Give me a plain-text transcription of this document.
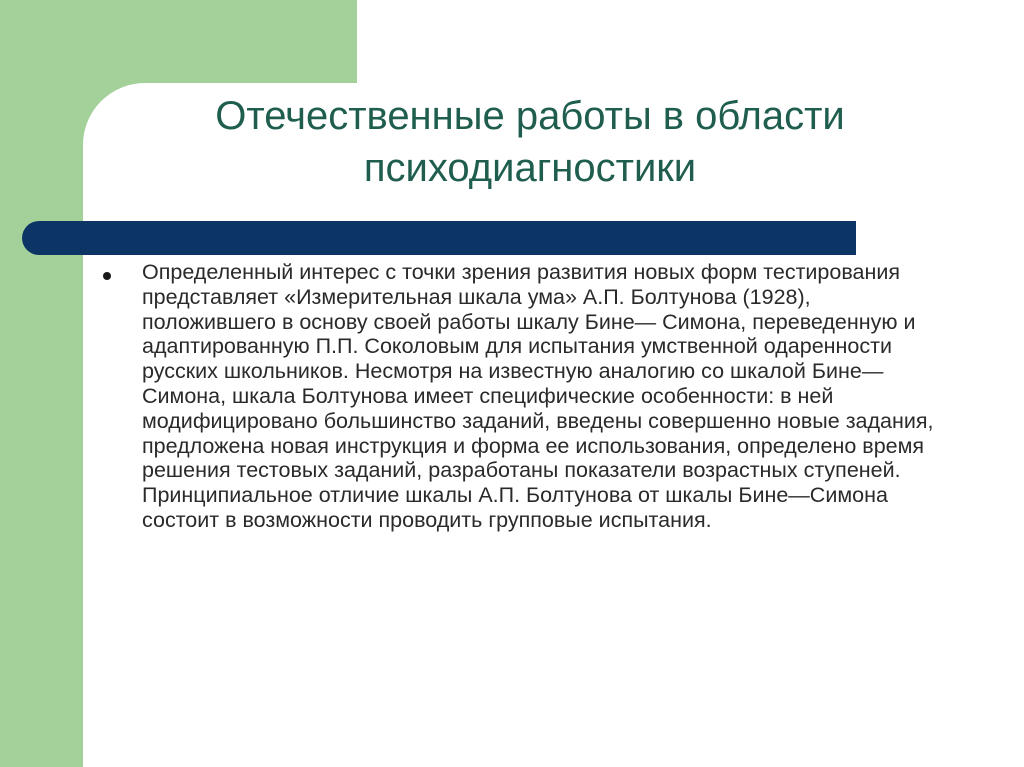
Отечественные работы в области психодиагностики
Определенный интерес с точки зрения развития новых форм тестирования представляет «Измерительная шкала ума» А.П. Болтунова (1928), положившего в основу своей работы шкалу Бине— Симона, переведенную и адаптированную П.П. Соколовым для испытания умственной одаренности русских школьников. Несмотря на известную аналогию со шкалой Бине—Симона, шкала Болтунова имеет специфические особенности: в ней модифицировано большинство заданий, введены совершенно новые задания, предложена новая инструкция и форма ее использования, определено время решения тестовых заданий, разработаны показатели возрастных ступеней. Принципиальное отличие шкалы А.П. Болтунова от шкалы Бине—Симона состоит в возможности проводить групповые испытания.
